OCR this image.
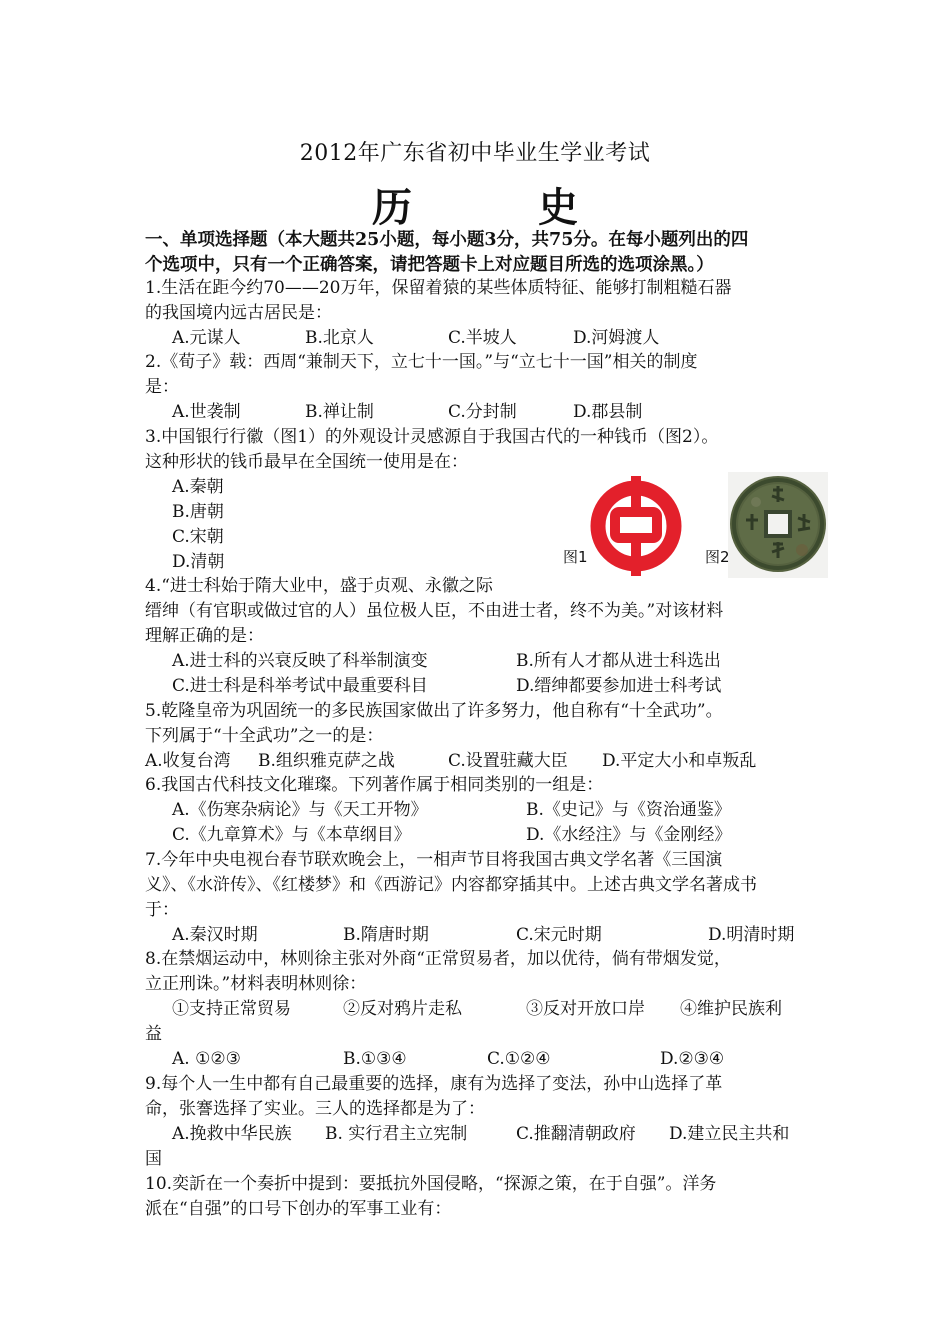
2012年广东省初中毕业生学业考试
历 史
一、单项选择题（本大题共25小题，每小题3分，共75分。在每小题列出的四
个选项中，只有一个正确答案，请把答题卡上对应题目所选的选项涂黑。）
1.生活在距今约70——20万年，保留着猿的某些体质特征、能够打制粗糙石器
的我国境内远古居民是：
A.元谋人	B.北京人	C.半坡人	D.河姆渡人
2.《荀子》载：西周“兼制天下，立七十一国。”与“立七十一国”相关的制度
是：
A.世袭制	B.禅让制	C.分封制	D.郡县制
3.中国银行行徽（图1）的外观设计灵感源自于我国古代的一种钱币（图2）。
这种形状的钱币最早在全国统一使用是在：
A.秦朝
B.唐朝
C.宋朝
D.清朝	图1	图2
4.“进士科始于隋大业中，盛于贞观、永徽之际
缙绅（有官职或做过官的人）虽位极人臣，不由进士者，终不为美。”对该材料
理解正确的是：
A.进士科的兴衰反映了科举制演变	B.所有人才都从进士科选出
C.进士科是科举考试中最重要科目	D.缙绅都要参加进士科考试
5.乾隆皇帝为巩固统一的多民族国家做出了许多努力，他自称有“十全武功”。
下列属于“十全武功”之一的是：
A.收复台湾 B.组织雅克萨之战	C.设置驻藏大臣 D.平定大小和卓叛乱
6.我国古代科技文化璀璨。下列著作属于相同类别的一组是：
A.《伤寒杂病论》与《天工开物》	B.《史记》与《资治通鉴》
C.《九章算术》与《本草纲目》	D.《水经注》与《金刚经》
7.今年中央电视台春节联欢晚会上，一相声节目将我国古典文学名著《三国演
义》、《水浒传》、《红楼梦》和《西游记》内容都穿插其中。上述古典文学名著成书
于：
A.秦汉时期	B.隋唐时期	C.宋元时期	D.明清时期
8.在禁烟运动中，林则徐主张对外商“正常贸易者，加以优待，倘有带烟发觉，
立正刑诛。”材料表明林则徐：
①支持正常贸易	②反对鸦片走私	③反对开放口岸 ④维护民族利
益
A. ①②③	B.①③④	C.①②④	D.②③④
9.每个人一生中都有自己最重要的选择，康有为选择了变法，孙中山选择了革
命，张謇选择了实业。三人的选择都是为了：
A.挽救中华民族 B. 实行君主立宪制	C.推翻清朝政府 D.建立民主共和
国
10.奕訢在一个奏折中提到：要抵抗外国侵略，“探源之策，在于自强”。洋务
派在“自强”的口号下创办的军事工业有：
